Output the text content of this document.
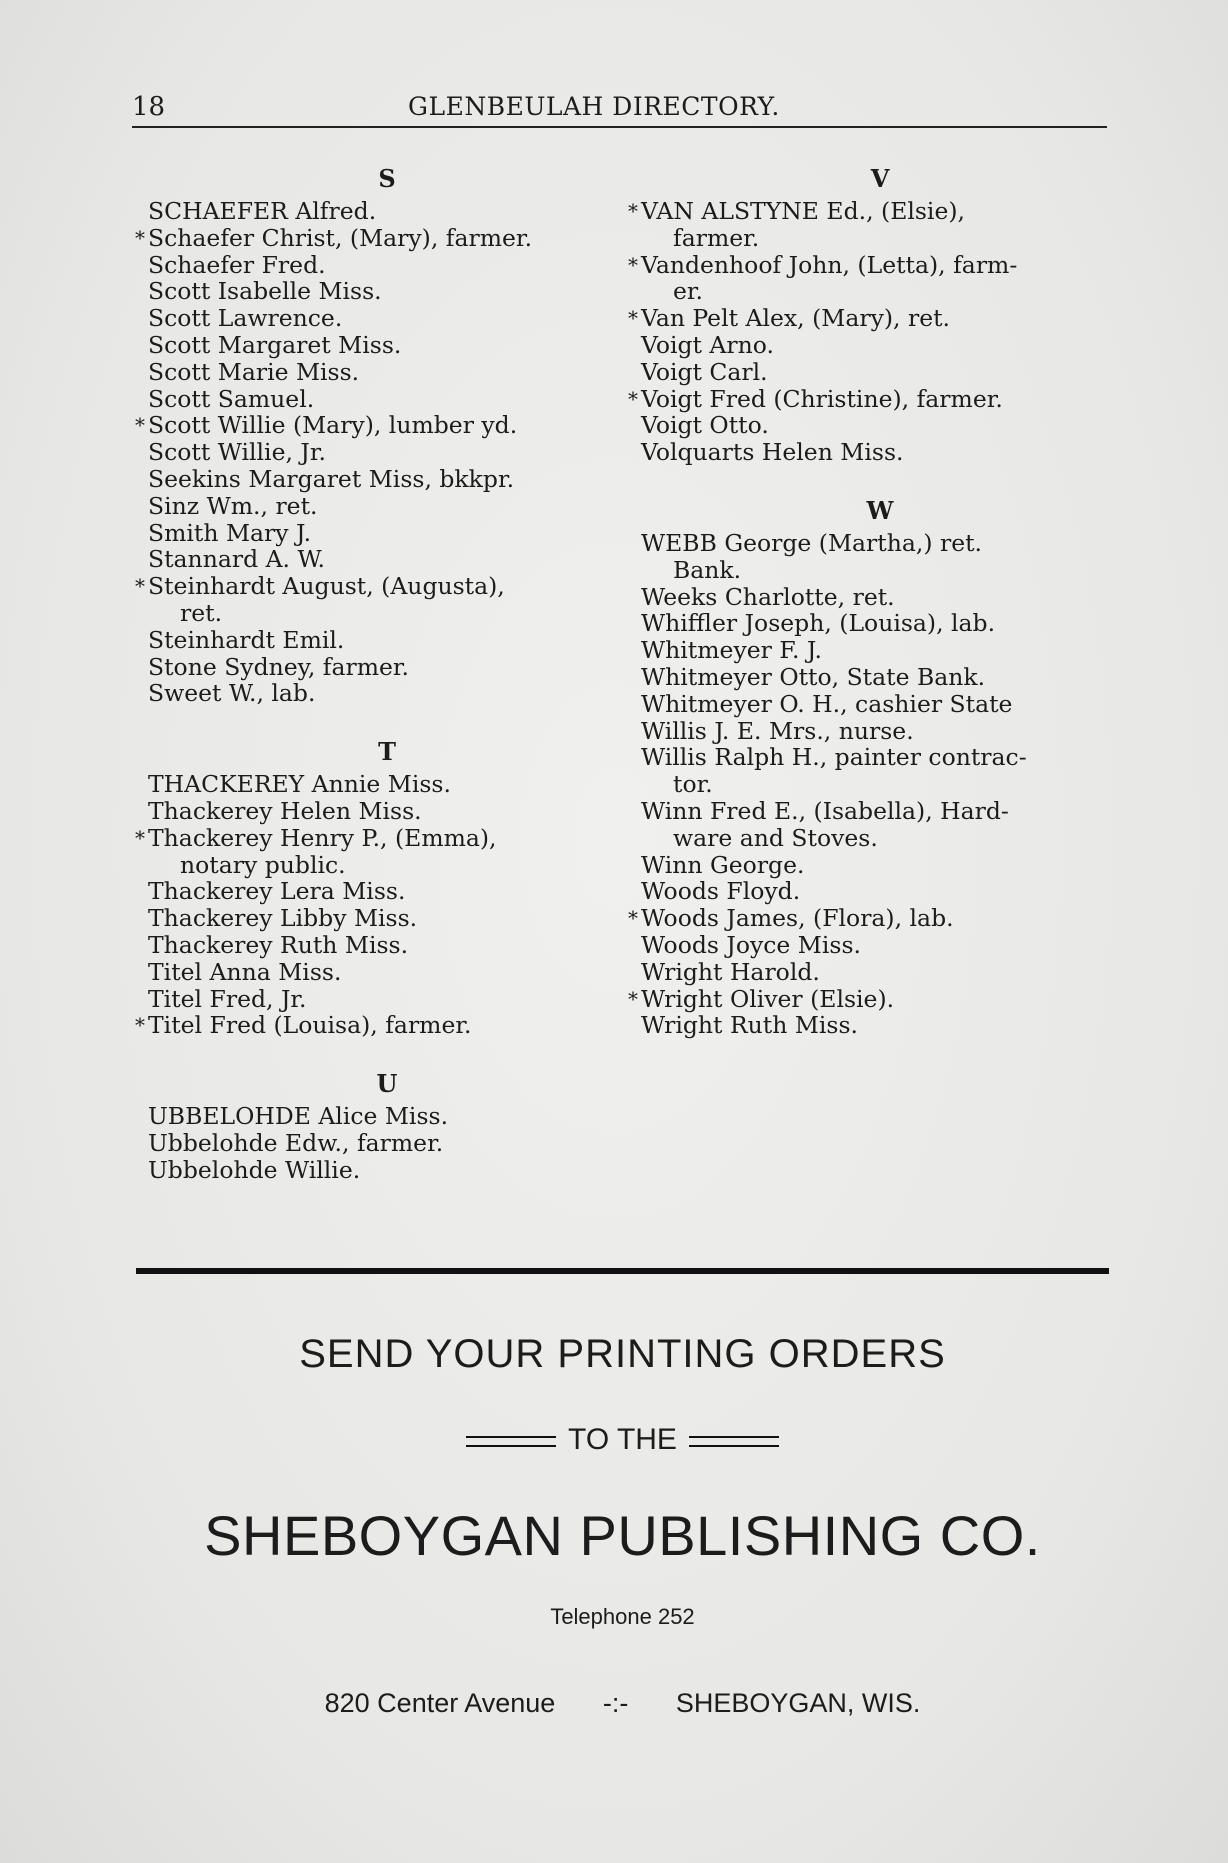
18	GLENBEULAH DIRECTORY.
S
SCHAEFER Alfred.
* Schaefer Christ, (Mary), farmer.
Schaefer Fred.
Scott Isabelle Miss.
Scott Lawrence.
Scott Margaret Miss.
Scott Marie Miss.
Scott Samuel.
* Scott Willie (Mary), lumber yd.
Scott Willie, Jr.
Seekins Margaret Miss, bkkpr.
Sinz Wm., ret.
Smith Mary J.
Stannard A. W.
* Steinhardt August, (Augusta),
ret.
Steinhardt Emil.
Stone Sydney, farmer.
Sweet W., lab.
T
THACKEREY Annie Miss.
Thackerey Helen Miss.
* Thackerey Henry P., (Emma),
notary public.
Thackerey Lera Miss.
Thackerey Libby Miss.
Thackerey Ruth Miss.
Titel Anna Miss.
Titel Fred, Jr.
* Titel Fred (Louisa), farmer.
U
UBBELOHDE Alice Miss.
Ubbelohde Edw., farmer.
Ubbelohde Willie.
V
* VAN ALSTYNE Ed., (Elsie),
farmer.
* Vandenhoof John, (Letta), farm-
er.
* Van Pelt Alex, (Mary), ret.
Voigt Arno.
Voigt Carl.
* Voigt Fred (Christine), farmer.
Voigt Otto.
Volquarts Helen Miss.
W
WEBB George (Martha,) ret.
Bank.
Weeks Charlotte, ret.
Whiffler Joseph, (Louisa), lab.
Whitmeyer F. J.
Whitmeyer Otto, State Bank.
Whitmeyer O. H., cashier State
Willis J. E. Mrs., nurse.
Willis Ralph H., painter contrac-
tor.
Winn Fred E., (Isabella), Hard-
ware and Stoves.
Winn George.
Woods Floyd.
* Woods James, (Flora), lab.
Woods Joyce Miss.
Wright Harold.
* Wright Oliver (Elsie).
Wright Ruth Miss.
SEND YOUR PRINTING ORDERS
TO THE
SHEBOYGAN PUBLISHING CO.
Telephone 252
820 Center Avenue -:- SHEBOYGAN, WIS.
